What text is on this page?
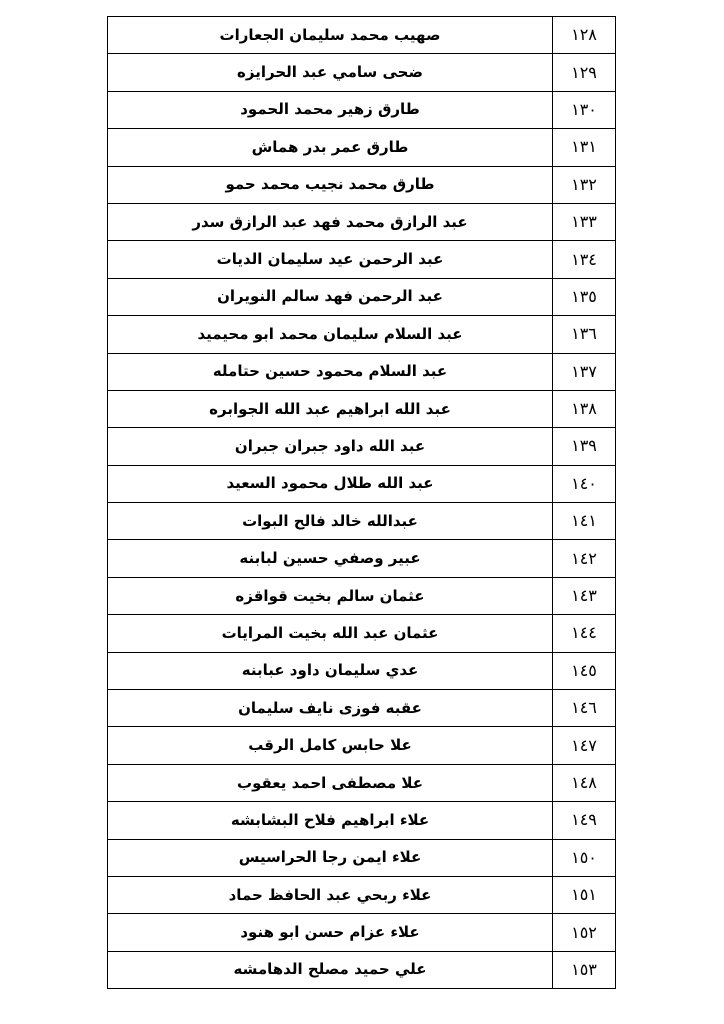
١٢٨	صهيب محمد سليمان الجعارات
١٢٩	ضحى سامي عبد الحرايزه
١٣٠	طارق زهير محمد الحمود
١٣١	طارق عمر بدر هماش
١٣٢	طارق محمد نجيب محمد حمو
١٣٣	عبد الرازق محمد فهد عبد الرازق سدر
١٣٤	عبد الرحمن عيد سليمان الديات
١٣٥	عبد الرحمن فهد سالم النويران
١٣٦	عبد السلام سليمان محمد ابو محيميد
١٣٧	عبد السلام محمود حسين حتامله
١٣٨	عبد الله ابراهيم عبد الله الجوابره
١٣٩	عبد الله داود جبران جبران
١٤٠	عبد الله طلال محمود السعيد
١٤١	عبدالله خالد فالح البوات
١٤٢	عبير وصفي حسين لبابنه
١٤٣	عثمان سالم بخيت قواقزه
١٤٤	عثمان عبد الله بخيت المرايات
١٤٥	عدي سليمان داود عبابنه
١٤٦	عقبه فوزى نايف سليمان
١٤٧	علا حابس كامل الرقب
١٤٨	علا مصطفى احمد يعقوب
١٤٩	علاء ابراهيم فلاح البشابشه
١٥٠	علاء ايمن رجا الحراسيس
١٥١	علاء ربحي عبد الحافظ حماد
١٥٢	علاء عزام حسن ابو هنود
١٥٣	علي حميد مصلح الدهامشه
